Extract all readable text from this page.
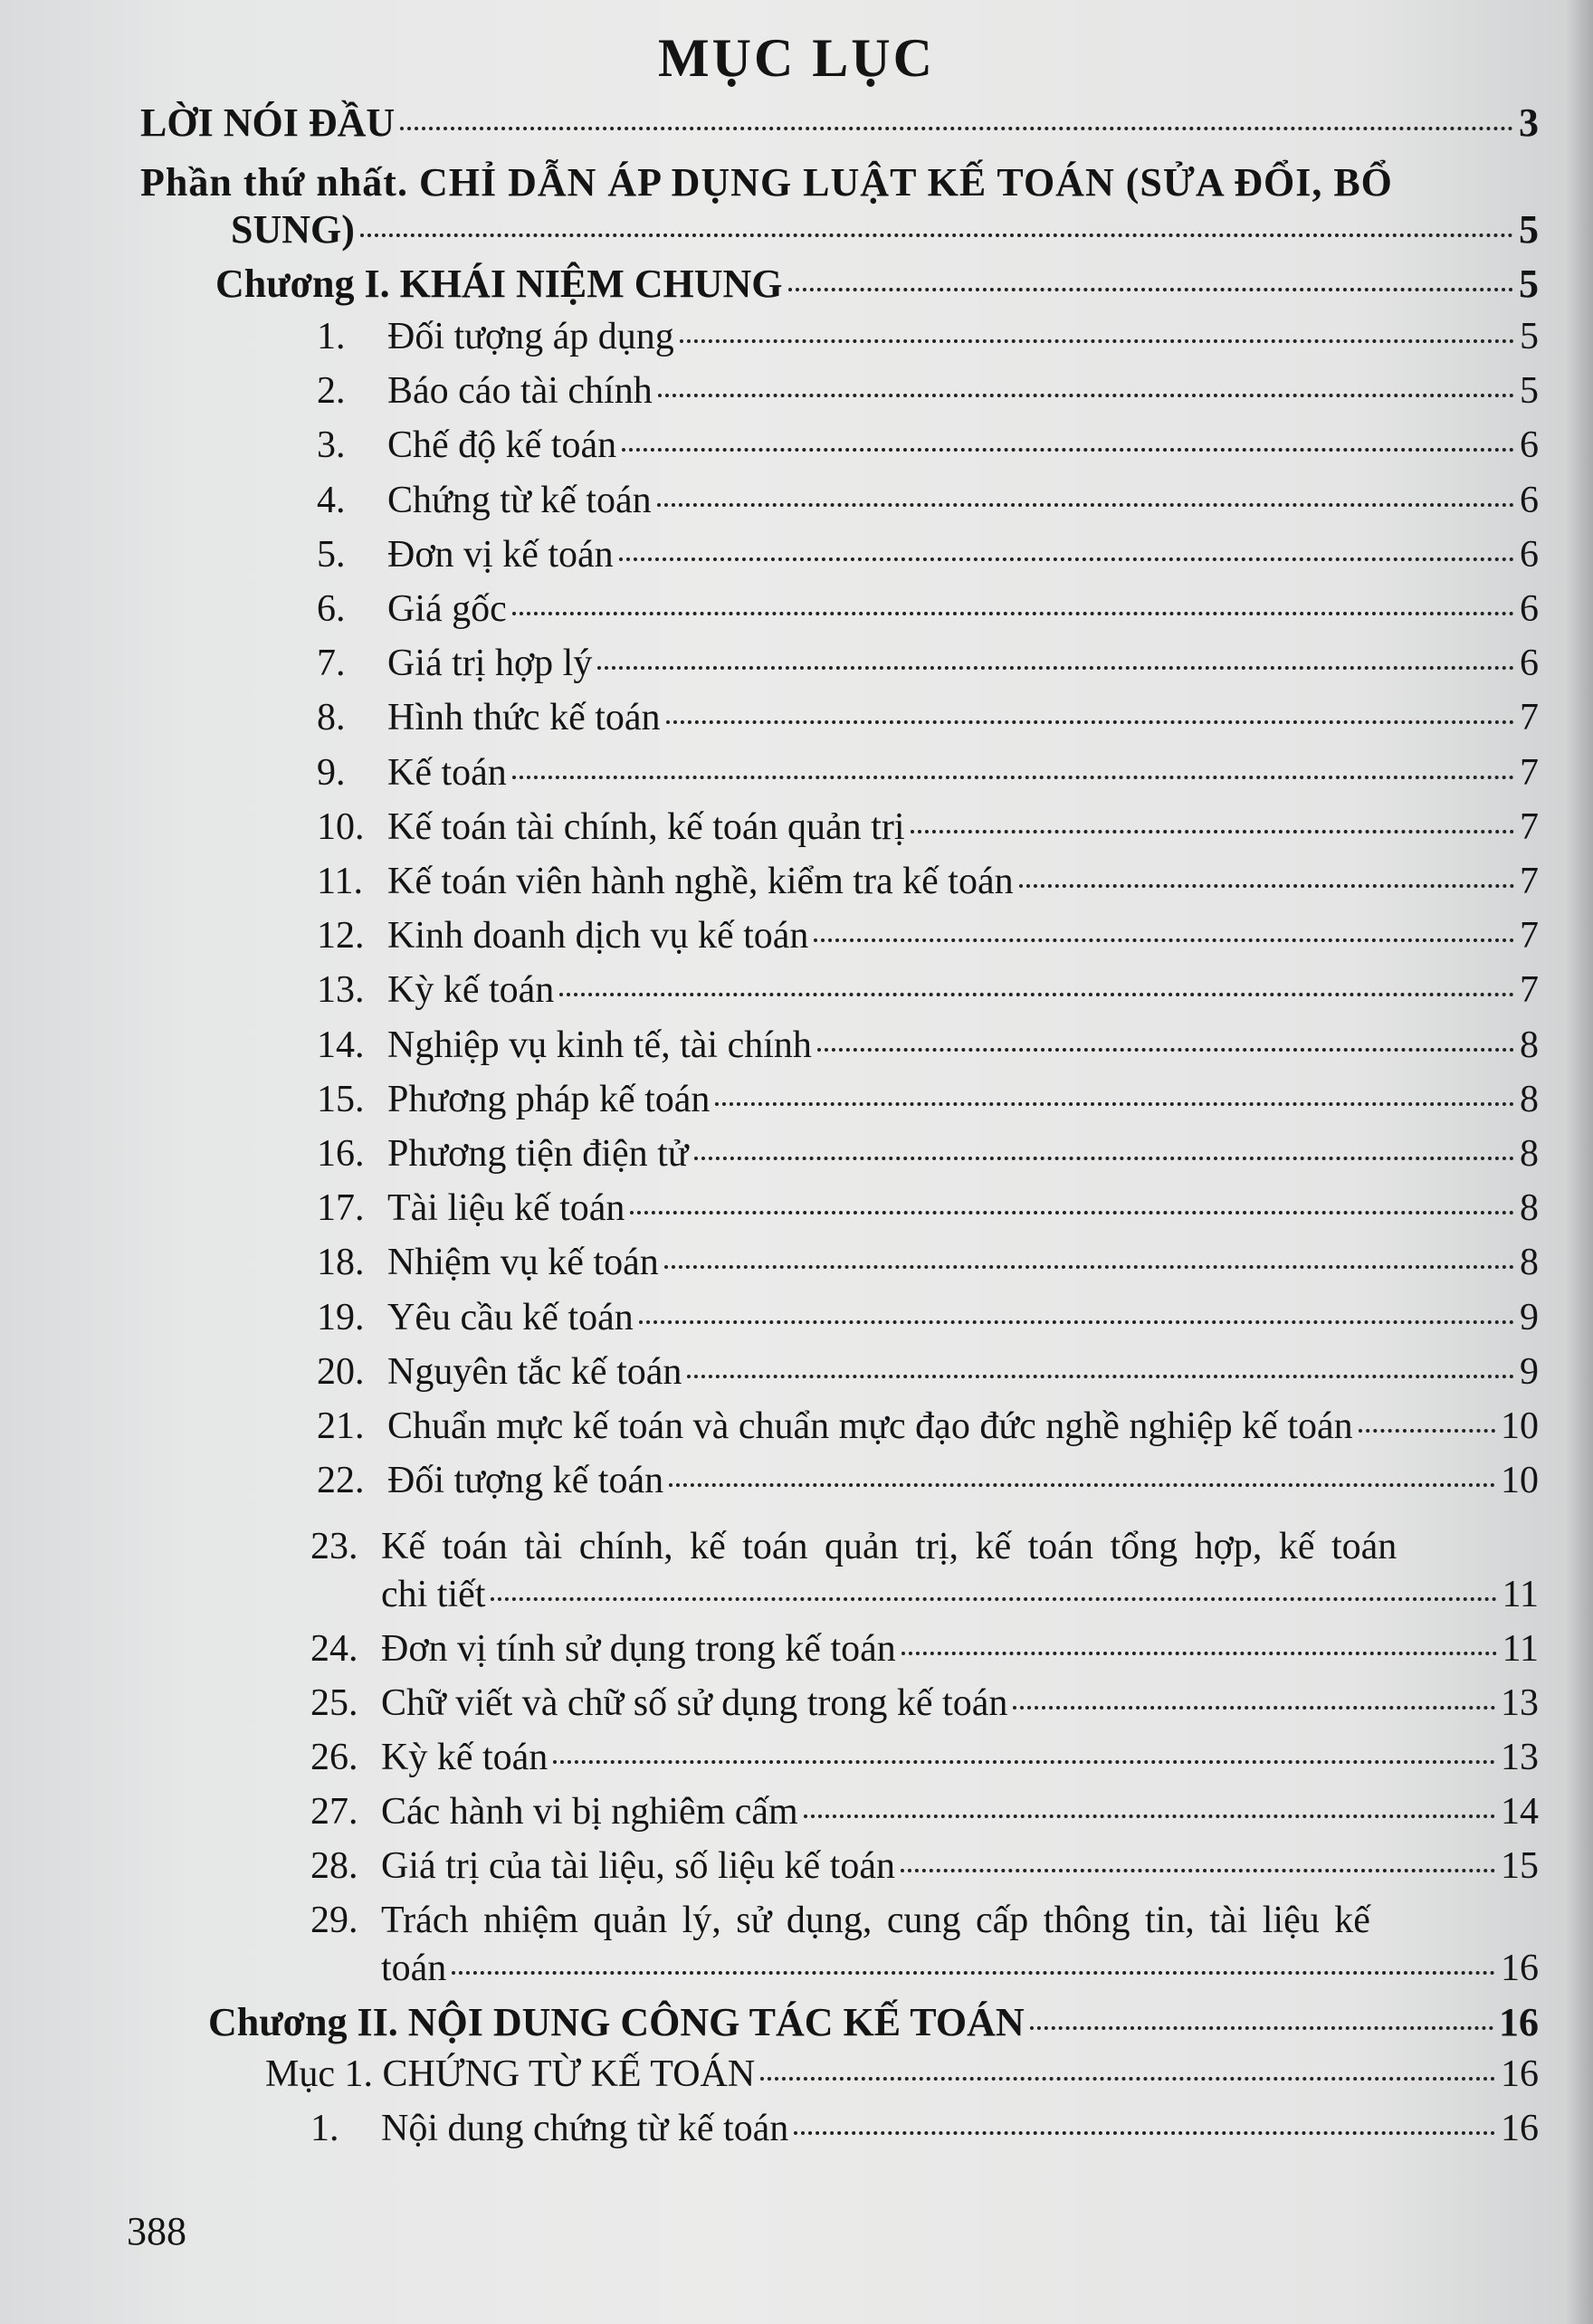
MỤC LỤC
LỜI NÓI ĐẦU	3
Phần thứ nhất. CHỈ DẪN ÁP DỤNG LUẬT KẾ TOÁN (SỬA ĐỔI, BỔ
SUNG)	5
Chương I. KHÁI NIỆM CHUNG	5
1.	Đối tượng áp dụng	5
2.	Báo cáo tài chính	5
3.	Chế độ kế toán	6
4.	Chứng từ kế toán	6
5.	Đơn vị kế toán	6
6.	Giá gốc	6
7.	Giá trị hợp lý	6
8.	Hình thức kế toán	7
9.	Kế toán	7
10. Kế toán tài chính, kế toán quản trị	7
11. Kế toán viên hành nghề, kiểm tra kế toán	7
12. Kinh doanh dịch vụ kế toán	7
13. Kỳ kế toán	7
14. Nghiệp vụ kinh tế, tài chính	8
15. Phương pháp kế toán	8
16. Phương tiện điện tử	8
17. Tài liệu kế toán	8
18. Nhiệm vụ kế toán	8
19. Yêu cầu kế toán	9
20. Nguyên tắc kế toán	9
21. Chuẩn mực kế toán và chuẩn mực đạo đức nghề nghiệp kế toán	10
22. Đối tượng kế toán	10
23. Kế toán tài chính, kế toán quản trị, kế toán tổng hợp, kế toán
chi tiết	11
24. Đơn vị tính sử dụng trong kế toán	11
25. Chữ viết và chữ số sử dụng trong kế toán	13
26. Kỳ kế toán	13
27. Các hành vi bị nghiêm cấm	14
28. Giá trị của tài liệu, số liệu kế toán	15
29. Trách nhiệm quản lý, sử dụng, cung cấp thông tin, tài liệu kế
toán	16
Chương II. NỘI DUNG CÔNG TÁC KẾ TOÁN	16
Mục 1. CHỨNG TỪ KẾ TOÁN	16
1.	Nội dung chứng từ kế toán	16
388
